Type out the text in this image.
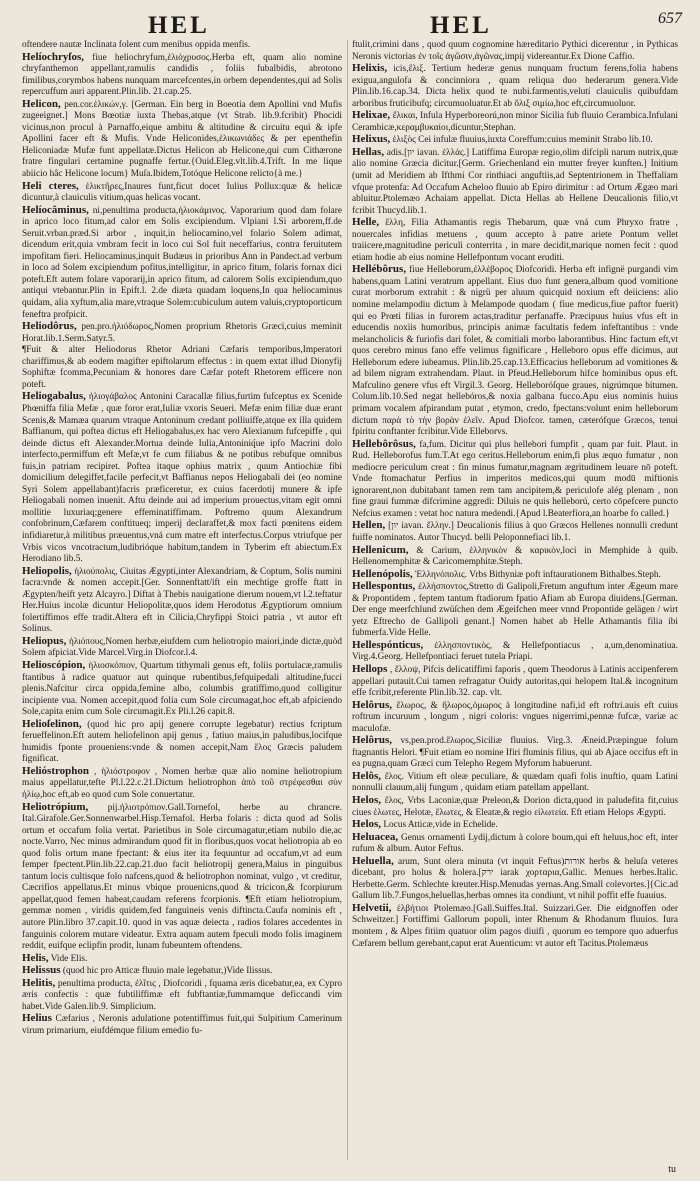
HEL	HEL	657
oftendere nautæ Inclinata folent cum menibus oppida menfis.
Helíochryſos, fiue heliochryfum,ἑλιόχρυσος.Herba eft, quam alio nomine chryfanthemon appellant,ramulis candidis , foliis fubalbidis, abrotono fimilibus,corymbos habens nunquam marcefcentes,in orbem dependentes,qui ad Solis repercuffum auri apparent.Plin.lib. 21.cap.25.
Helicon, pen.cor.ἑλικών,γ. [German. Ein berg in Boeotia dem Apollini vnd Mufis zugeeignet.] Mons Bœotiæ iuxta Thebas,atque (vt Strab. lib.9.fcribit) Phocidi vicinus,non procul à Parnaffo,eique ambitu & altitudine & circuitu equi & ipfe Apollini facer eft & Mufis. Vnde Heliconides,ἑλικωνιάδες & per epenthefin Heliconiadæ Mufæ funt appellatæ.Dictus Helicon ab Helicone,qui cum Cithærone fratre fingulari certamine pugnaffe fertur.{Ouid.Eleg.vlt.lib.4.Trift. In me lique abiicio hâc Helicone locum} Muſa.Ibidem,Totóque Helicone relicto{à me.}
Heli cteres, ἑλικτῆρες,Inaures funt,ficut docet Iulius Pollux:quæ & helicæ dicuntur,à clauiculis vitium,quas helicas vocant.
Helíocâminus, ni,penultima producta,ἡλιοκάμινος. Vaporarium quod dam folare in aprico loco fitum,ad calor em Solis excipiendum. Vlpiani l.Si arborem,ff.de Seruit.vrban.præd.Si arbor , inquit,in heliocamino,vel folario Solem adimat, dicendum erit,quia vmbram fecit in loco cui Sol fuit neceffarius, contra feruitutem impofitam fieri. Heliocaminus,inquit Budæus in prioribus Ann in Pandect.ad verbum in loco ad Solem excipiendum pofitus,intelligitur, in aprico fitum, folaris fornax dici poteft.Eft autem folare vaporarij,in aprico fitum, ad calorem Solis excipiendum,quo antiqui vtebantur.Plin in Epift.l. 2.de diæta quadam loquens,In qua heliocaminus quidam, alia xyftum,alia mare,vtraque Solem:cubiculum autem valuis,cryptoporticum feneftra profpicit.
Heliodôrus, pen.pro.ἡλιόδωρος,Nomen proprium Rhetoris Græci,cuius meminit Horat.lib.1.Serm.Satyr.5.
¶Fuit & alter Heliodorus Rhetor Adriani Cæfaris temporibus,Imperatori chariffimus,& ab eodem magifter epiftolarum effectus : in quem extat illud Dionyfij Sophiftæ fcomma,Pecuniam & honores dare Cæfar poteft Rhetorem efficere non poteft.
Heliogabalus, ἡλιογάβαλος Antonini Caracallæ filius,furtim fufceptus ex Scenide Phœniffa filia Mefæ , quæ foror erat,Iuliæ vxoris Seueri. Mefæ enim filiæ duæ erant Scenis,& Mamæa quarum vtraque Antoninum credant polliuiffe,atque ex illa quidem Baffianum, qui poftea dictus eft Heliogabalus,ex hac vero Alexianum fufcepiffe , qui deinde dictus eft Alexander.Mortua deinde Iulia,Antoniniq́ue ipfo Macrini dolo interfecto,permiffum eft Mefæ,vt fe cum filiabus & ne potibus rebufque omnibus fuis,in patriam recipiret. Poftea itaque ophius matrix , quum Antiochiæ fibi domicilium delegiffet,facile perfecit,vt Baffianus nepos Heliogabali dei (eo nomine Syri Solem appellabant)facris præficeretur, ex cuius facerdotij munere & ipfe Heliogabali nomen inuenit. Aftu deinde aui ad imperium prouectus,vitam egit omni mollitie luxuriaq;genere effeminatiffimam. Poftremo quum Alexandrum confobrinum,Cæfarem conftitueq; imperij declaraffet,& mox facti pœnitens eidem infidiaretur,à militibus præuentus,vná cum matre eft interfectus.Corpus vtriufque per Vrbis vicos vncotractum,ludibrióque habitum,tandem in Tyberim eft abiectum.Ex Herodiano lib.5.
Heliopolis, ἡλιούπολις, Ciuitas Ægypti,inter Alexandriam, & Coptum, Solis numini facra:vnde & nomen accepit.[Ger. Sonnenftatt/ift ein mechtige groffe ftatt in Ægypten/heift yetz Alcayro.] Diftat à Thebis nauigatione dierum nouem,vt l.2.teftatur Her.Huius incolæ dicuntur Heliopolitæ,quos idem Herodotus Ægyptiorum omnium folertiffimos effe tradit.Altera eft in Cilicia,Chryfippi Stoici patria , vt autor eft Solinus.
Heliopus, ἡλιόπους,Nomen herbæ,eiufdem cum heliotropio maiori,inde dictæ,quòd Solem afpiciat.Vide Marcel.Virg.in Diofcor.l.4.
Helioscópion, ἡλιοσκόπιον, Quartum tithymali genus eft, foliis portulacæ,ramulis ftantibus à radice quatuor aut quinque rubentibus,fefquipedali altitudine,fucci plenis.Nafcitur circa oppida,femine albo, columbis gratiffimo,quod colligitur incipiente vua. Nomen accepit,quod folia cum Sole circumagat,hoc eft,ab afpiciendo Sole,capita enim cum Sole circumagit.Ex Pli.l.26 capit.8.
Helioſelinon, (quod hic pro apij genere corrupte legebatur) rectius fcriptum ferueffelinon.Eft autem heliofelinon apij genus , fatiuo maius,in paludibus,locifque humidis fponte proueniens:vnde & nomen accepit,Nam ἕλος Græcis paludem fignificat.
Helióstrophon , ἡλιόστροφον , Nomen herbæ quæ alio nomine heliotropium maius appellatur,tefte Pl.l.22.c.21.Dictum heliotrophon ἀπὸ τοῦ στρέφεσθαι σὺν ἡλίῳ,hoc eft,ab eo quod cum Sole conuertatur.
Heliotrópium, pij.ἡλιοτρόπιον.Gall.Tornefol, herbe au chrancre. Ital.Girafole.Ger.Sonnenwarbel.Hisp.Ternafol. Herba folaris : dicta quod ad Solis ortum et occafum folia vertat. Parietibus in Sole circumagatur,etiam nubilo die,ac nocte.Varro, Nec minus admirandum quod fit in floribus,quos vocat heliotropia ab eo quod folis ortum mane fpectant: & eius iter ita fequuntur ad occafum,vt ad eum femper fpectent.Plin.lib.22.cap.21.duo facit heliotropij genera,Maius in pinguibus tantum locis cultisque folo nafcens,quod & heliotrophon nominat, vulgo , vt creditur, Cæcrifios appellatus.Et minus vbique prouenicns,quod & tricicon,& fcorpiurum appellat,quod femen habeat,caudam referens fcorpionis. ¶Eft etiam heliotropium, gemmæ nomen , viridis quidem,fed fanguineis venis diftincta.Caufa nominis eft , autore Plin.libro 37.capit.10. quod in vas aquæ deiecta , radios folares accedentes in fanguinis colorem mutare videatur. Extra aquam autem fpeculi modo folis imaginem reddit, euifque eclipfin prodit, lunam fubeuntem oftendens.
Helis, Vide Elis.
Helissus (quod hic pro Atticæ fluuio male legebatur,)Vide Ilissus.
Helitis, penultima producta, ἐλῖτις , Diofcoridi , fquama æris dicebatur,ea, ex Cypro æris confectis : quæ fubtiliffimæ eft fubftantiæ,fummamque deficcandi vim habet.Vide Galen.lib.9. Simplicium.
Helius Cæfarius , Neronis adulatione potentiffimus fuit,qui Sulpitium Camerinum virum primarium, eiufdémque filium emedio fu-
ftulit,crimini dans , quod quum cognomine hæreditario Pythici dicerentur , in Pythicas Neronis victorias ἐν τοῖς ἀγῶσιν,ἀγῶνας,impij videreantur.Ex Dione Caffio.
Helixis, icis,ἕλιξ. Tertium hederæ genus nunquam fructum ferens,folia habens exigua,angulofa & concinniora , quam reliqua duo hederarum genera.Vide Plin.lib.16.cap.34. Dicta helix quod te nubi.farmentis,velutí clauiculis quibufdam arboribus fruticibufq; circumuoluatur.Et ab ὅλιξ σιμίω,hoc eft,circumuoluor.
Helixae, ἕλικαι, Infula Hyperboreorú,non minor Sicilia fub fluuio Cerambica.Infulani Cerambicæ,κεραμβυκαίοι,dicuntur,Stephan.
Helixus, ἑλιξὸς Cei infulæ fluuius,iuxta Coreffum:cuius meminit Strabo lib.10.
Hellas, adis.[יון iavan. ἑλλάς.] Latiffima Europæ regio,olim difcipli narum nutrix,quæ alio nomine Græcia dicitur.[Germ. Griechenland ein mutter freyer kunften.] Initium (umit ad Meridiem ab Ifthmi Cor rinthiaci anguftiis,ad Septentrionem in Theffaliam vfque protenfa: Ad Occafum Acheloo fluuio ab Epiro dirimitur : ad Ortum Ægæo mari abluitur.Ptolemæo Achaiam appellat. Dicta Hellas ab Hellene Deucalionis filio,vt fcribit Thucyd.lib.1.
Helle, ἕλλη, Filia Athamantis regis Thebarum, quæ vná cum Phryxo fratre , nouercales infidias metuens , quum accepto à patre ariete Pontum vellet traiicere,magnitudine periculi conterrita , in mare decidit,marique nomen fecit : quod etiam hodie ab eius nomine Hellefpontum vocant eruditi.
Hellébôrus, fiue Helleborum,ἐλλέβορος Diofcoridi. Herba eft infignë purgandi vim habens,quam Latini veratrum appellant. Eius duo funt genera,album quod vomitione curat morborum extrahit : & nigrü per aluum quicquid noxium eft deiiciens: alio nomine melampodiu dictum à Melampode quodam ( fiue medicus,fiue paftor fuerit) qui eo Prœti filias in furorem actas,traditur perfanaffe. Præcipuus huius vfus eft in educendis noxiis humoribus, principis animæ facultatis fedem infeftantibus : vnde melancholicis & furiofis dari folet, & comitiali morbo laborantibus. Hinc factum eft,vt quos cerebro minus fano effe velimus fignificare , Helleboro opus effe dicimus, aut Helleborum edere iubeamus. Plin.lib.25.cap.13.Efficacius helleborum ad vomitiones & ad bilem nigram extrahendam. Plaut. in Pfeud.Helleborum hifce hominibus opus eft. Mafculino genere vfus eft Virgil.3. Georg. Helleboróſque graues, nigrúmque bitumen. Colum.lib.10.Sed negat hellebóros,& noxia galbana fucco.Apu eius nominis huius primam vocalem afpirandam putat , etymon, credo, fpectans:volunt enim helleborum dictum παρὰ τὸ τὴν βορὰν ἐλεῖν. Apud Diofcor. tamen, cæterófque Græcos, tenui fpiritu conftanter fcribitur.Vide Elleborvs.
Hellebôrôsus, fa,fum. Dicitur qui plus hellebori fumpfit , quam par fuit. Plaut. in Rud. Helleborofus fum.T.At ego ceritus.Helleborum enim,fi plus æquo fumatur , non mediocre periculum creat : fin minus fumatur,magnam ægritudinem leuare nō poteft. Vnde ftomachatur Perfius in imperitos medicos,qui quum modū miftionis ignorarent,non dubitabant tamen rem tam ancipitem,& periculofe alég plenam , non fine graui fummæ difcrimine aggredi: Diluis ne quis helleború, certo cōpefcere puncto Nefcius examen : vetat hoc natura medendi.{Apud l.Beaterfiora,an hoarbe fo called.}
Hellen, [יון iavan. ἕλλην.] Deucalionis filius à quo Græcos Hellenes nonnulli credunt fuiffe nominatos. Autor Thucyd. belli Peloponnefiaci lib.1.
Hellenicum, & Carium, ἑλληνικὸν & καρικὸν,loci in Memphide à quib. Hellenomemphitæ & Caricomemphitæ.Steph.
Hellenópolis, Ἑλληνόπολις. Vrbs Bithyniæ poft inftaurationem Bithalbes.Steph.
Hellespontus, ἑλλήσποντος,Stretto di Galipoli,Fretum anguftum inter Ægeum mare & Propontidem , feptem tantum ftadiorum fpatio Afiam ab Europa diuidens.[German. Der enge meerfchlund zwüſchen dem Ægeifchen meer vnnd Propontide gelägen / wirt yetz Eftrecho de Gallipoli genant.] Nomen habet ab Helle Athamantis filia ibi fubmerfa.Vide Helle.
Hellespónticus, ἑλλησποντικὸς, & Hellefpontiacus , a,um,denominatiua. Virg.4.Georg. Hellefpontiaci feruet tutela Priapi.
Hellops , ἔλλοψ, Pifcis delicatiffimi faporis , quem Theodorus à Latinis accipenferem appellari putauit.Cui tamen refragatur Ouidy autoritas,qui helopem Ital.& incognitum effe fcribit,referente Plin.lib.32. cap. vlt.
Helôrus, ἔλωρος, & ἥλωρος,ὁμωρος à longitudine nafi,id eft roftri.auis eft cuius roftrum incuruum , longum , nigri coloris: vngues nigerrimi,pennæ fufcæ, variæ ac maculofæ.
Helôrus, vs,pen.prod.ἕλωρος,Siciliæ fluuius. Virg.3. Æneid.Præpingue folum ftagnantis Helori. ¶Fuit etiam eo nomine Ifiri fluminis filius, qui ab Ajace occifus eft in ea pugna,quam Græci cum Telepho Regem Myforum habuerunt.
Helôs, ἕλος. Vitium eft oleæ peculiare, & quædam quafi folis inuftio, quam Latini nonnulli clauum,alij fungum , quidam etiam patellam appellant.
Helos, ἕλος, Vrbs Laconiæ,quæ Preleon,& Dorion dicta,quod in paludefita fit,cuius ciues ἑλωτες, Helotæ, ἕλωτες, & Eleatæ,& regio εἰλωτεία. Eft etiam Helops Ægypti.
Helos, Locus Atticæ,vide in Echelide.
Heluacea, Genus ornamenti Lydij,dictum à colore boum,qui eft heluus,hoc eft, inter rufum & album. Autor Feftus.
Heluella, arum, Sunt olera minuta (vt inquit Feftus)אורות herbs & heluſa veteres dicebant, pro holus & holera.[ירק iarak χορταρια,Gallic. Menues herbes.Italic. Herbette.Germ. Schlechte kreuter.Hisp.Menudas yernas.Ang.Small colevortes.]{Cic.ad Gallum lib.7.Fungos,heluellas,herbas omnes ita condiunt, vt nihil poffit effe fuauius.
Helvetii, ἑλβήτιοι Ptolemæo.[Gall.Suiffes.Ital. Suizzari.Ger. Die eidgnoffen oder Schweitzer.] Fortiffimi Gallorum populi, inter Rhenum & Rhodanum fluuios. Iura montem , & Alpes fitiim quatuor olim pagos diuifi , quorum eo tempore quo aduerfus Cæfarem bellum gerebant,caput erat Auenticum: vt autor eft Tacitus.Ptolemæus
tu
